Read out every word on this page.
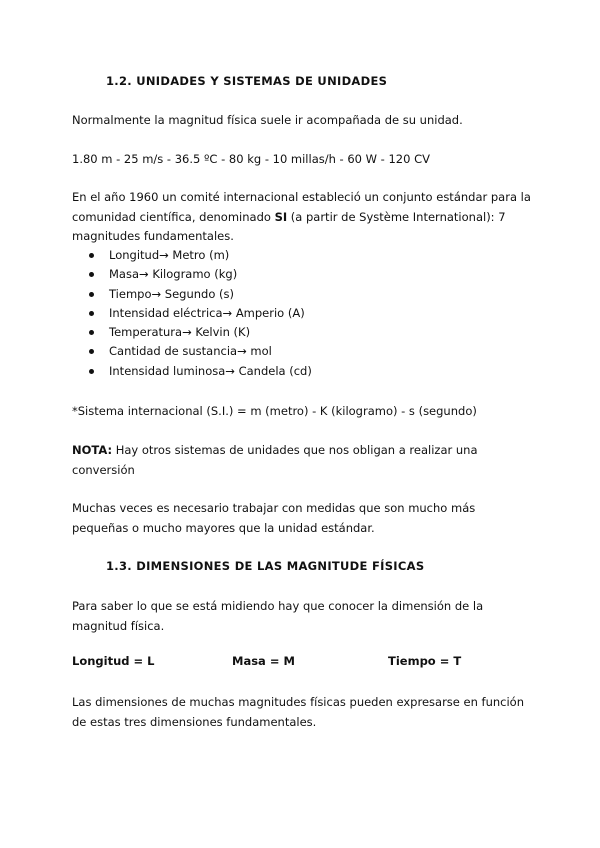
1.2. UNIDADES Y SISTEMAS DE UNIDADES
Normalmente la magnitud física suele ir acompañada de su unidad.
1.80 m - 25 m/s - 36.5 ºC - 80 kg - 10 millas/h - 60 W - 120 CV
En el año 1960 un comité internacional estableció un conjunto estándar para la comunidad científica, denominado SI (a partir de Système International): 7 magnitudes fundamentales.
Longitud→ Metro (m)
Masa→ Kilogramo (kg)
Tiempo→ Segundo (s)
Intensidad eléctrica→ Amperio (A)
Temperatura→ Kelvin (K)
Cantidad de sustancia→ mol
Intensidad luminosa→ Candela (cd)
*Sistema internacional (S.I.) = m (metro) - K (kilogramo) - s (segundo)
NOTA: Hay otros sistemas de unidades que nos obligan a realizar una conversión
Muchas veces es necesario trabajar con medidas que son mucho más pequeñas o mucho mayores que la unidad estándar.
1.3. DIMENSIONES DE LAS MAGNITUDE FÍSICAS
Para saber lo que se está midiendo hay que conocer la dimensión de la magnitud física.
Longitud = L	Masa = M	Tiempo = T
Las dimensiones de muchas magnitudes físicas pueden expresarse en función de estas tres dimensiones fundamentales.
